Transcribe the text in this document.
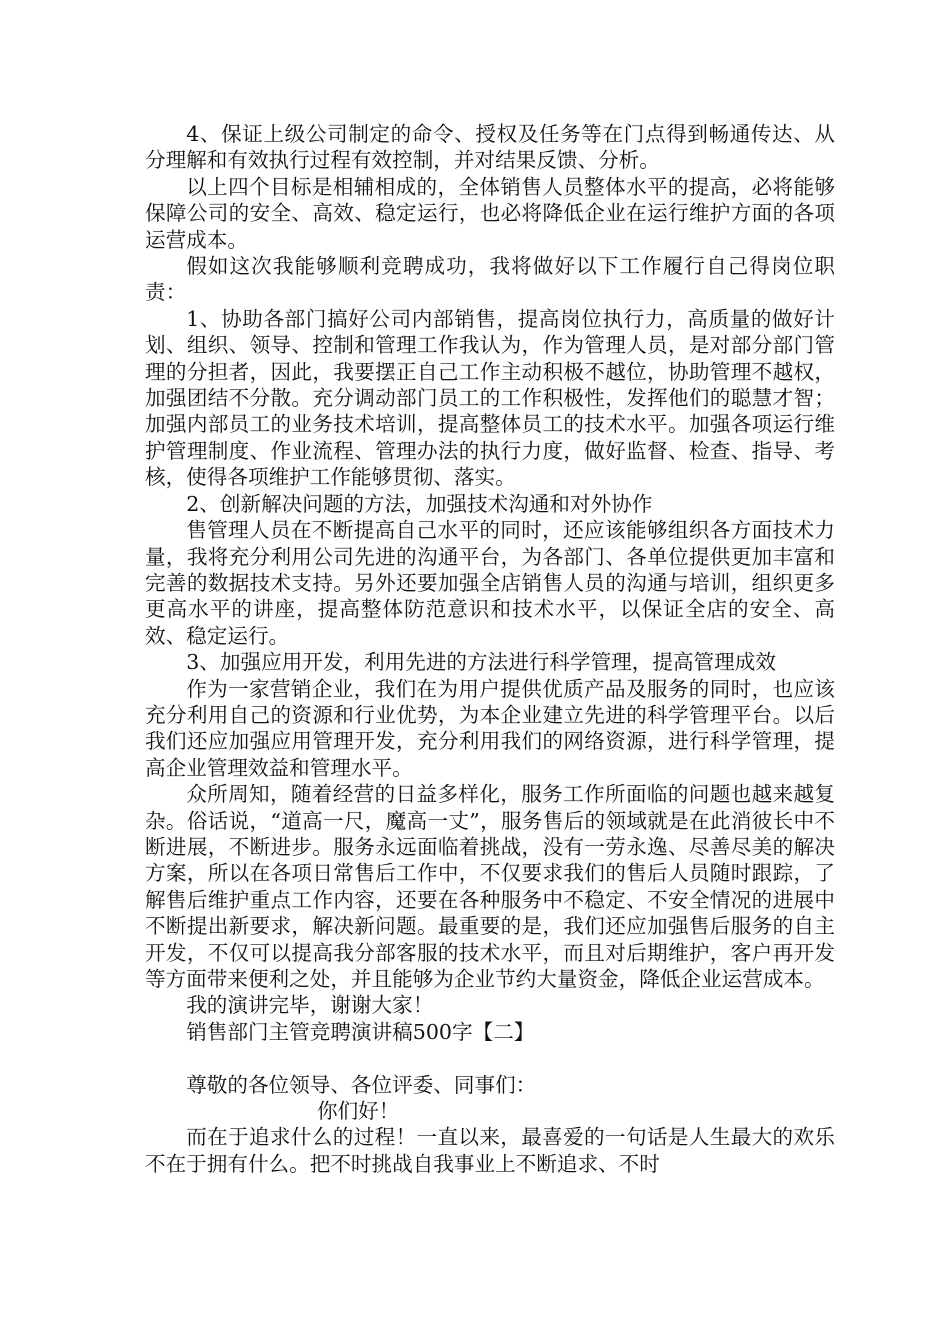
4、保证上级公司制定的命令、授权及任务等在门点得到畅通传达、从分理解和有效执行过程有效控制，并对结果反馈、分析。

以上四个目标是相辅相成的，全体销售人员整体水平的提高，必将能够保障公司的安全、高效、稳定运行，也必将降低企业在运行维护方面的各项运营成本。

假如这次我能够顺利竞聘成功，我将做好以下工作履行自己得岗位职责：

1、协助各部门搞好公司内部销售，提高岗位执行力，高质量的做好计划、组织、领导、控制和管理工作我认为，作为管理人员，是对部分部门管理的分担者，因此，我要摆正自己工作主动积极不越位，协助管理不越权，加强团结不分散。充分调动部门员工的工作积极性，发挥他们的聪慧才智；加强内部员工的业务技术培训，提高整体员工的技术水平。加强各项运行维护管理制度、作业流程、管理办法的执行力度，做好监督、检查、指导、考核，使得各项维护工作能够贯彻、落实。

2、创新解决问题的方法，加强技术沟通和对外协作

售管理人员在不断提高自己水平的同时，还应该能够组织各方面技术力量，我将充分利用公司先进的沟通平台，为各部门、各单位提供更加丰富和完善的数据技术支持。另外还要加强全店销售人员的沟通与培训，组织更多更高水平的讲座，提高整体防范意识和技术水平，以保证全店的安全、高效、稳定运行。

3、加强应用开发，利用先进的方法进行科学管理，提高管理成效

作为一家营销企业，我们在为用户提供优质产品及服务的同时，也应该充分利用自己的资源和行业优势，为本企业建立先进的科学管理平台。以后我们还应加强应用管理开发，充分利用我们的网络资源，进行科学管理，提高企业管理效益和管理水平。

众所周知，随着经营的日益多样化，服务工作所面临的问题也越来越复杂。俗话说，“道高一尺，魔高一丈”，服务售后的领域就是在此消彼长中不断进展，不断进步。服务永远面临着挑战，没有一劳永逸、尽善尽美的解决方案，所以在各项日常售后工作中，不仅要求我们的售后人员随时跟踪，了解售后维护重点工作内容，还要在各种服务中不稳定、不安全情况的进展中不断提出新要求，解决新问题。最重要的是，我们还应加强售后服务的自主开发，不仅可以提高我分部客服的技术水平，而且对后期维护，客户再开发等方面带来便利之处，并且能够为企业节约大量资金，降低企业运营成本。

我的演讲完毕，谢谢大家！

销售部门主管竞聘演讲稿500字【二】

尊敬的各位领导、各位评委、同事们：

你们好！

而在于追求什么的过程！一直以来，最喜爱的一句话是人生最大的欢乐不在于拥有什么。把不时挑战自我事业上不断追求、不时
